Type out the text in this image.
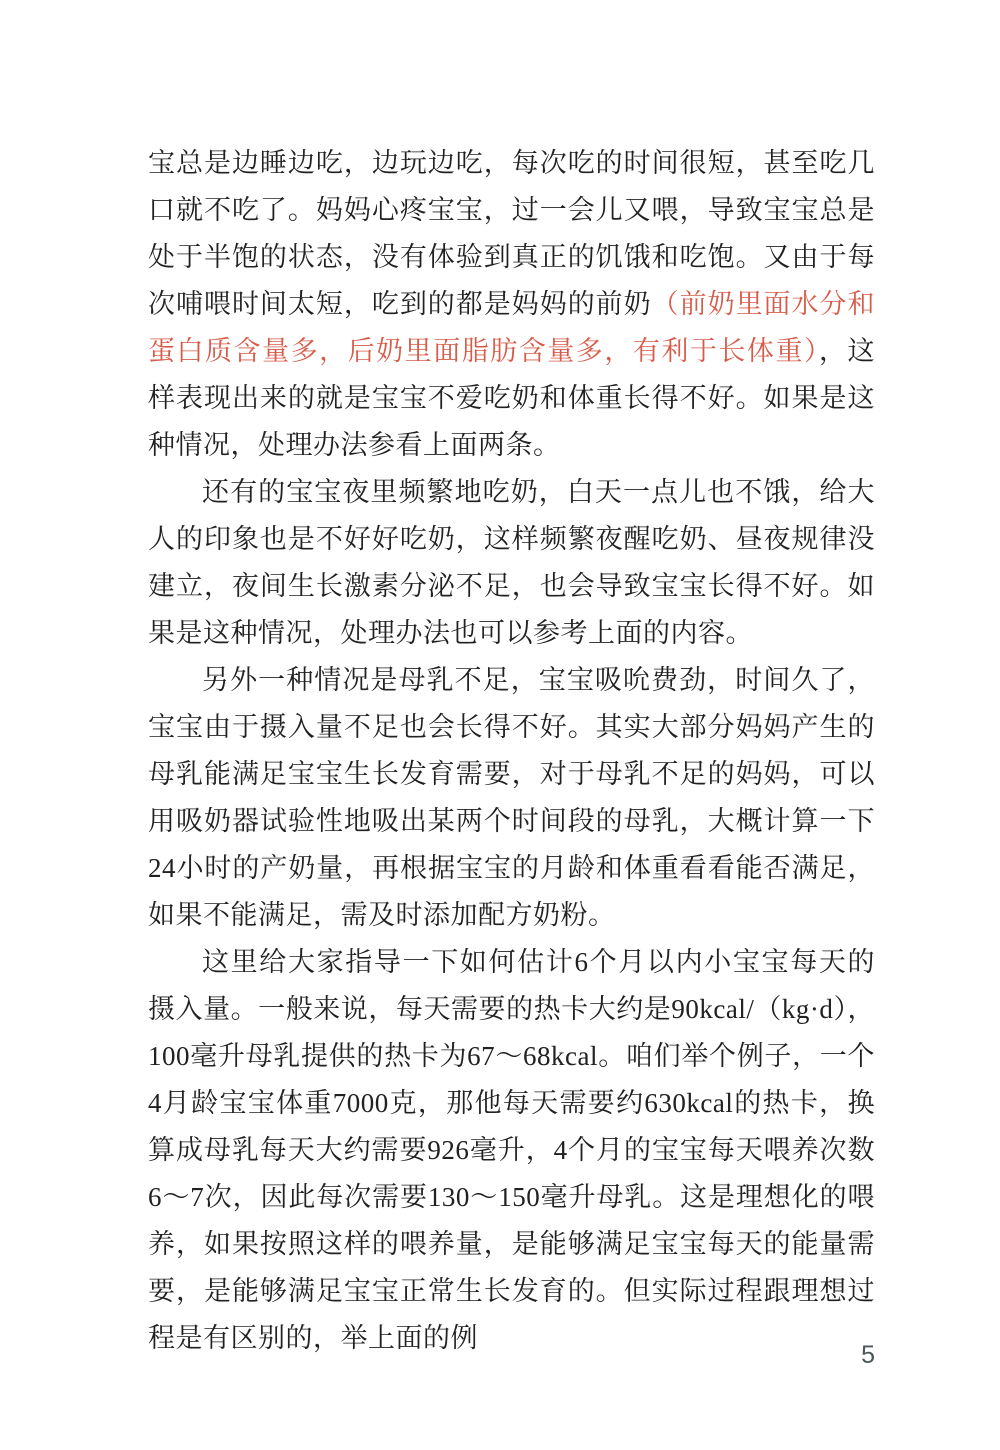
宝总是边睡边吃，边玩边吃，每次吃的时间很短，甚至吃几口就不吃了。妈妈心疼宝宝，过一会儿又喂，导致宝宝总是处于半饱的状态，没有体验到真正的饥饿和吃饱。又由于每次哺喂时间太短，吃到的都是妈妈的前奶（前奶里面水分和蛋白质含量多，后奶里面脂肪含量多，有利于长体重），这样表现出来的就是宝宝不爱吃奶和体重长得不好。如果是这种情况，处理办法参看上面两条。

还有的宝宝夜里频繁地吃奶，白天一点儿也不饿，给大人的印象也是不好好吃奶，这样频繁夜醒吃奶、昼夜规律没建立，夜间生长激素分泌不足，也会导致宝宝长得不好。如果是这种情况，处理办法也可以参考上面的内容。

另外一种情况是母乳不足，宝宝吸吮费劲，时间久了，宝宝由于摄入量不足也会长得不好。其实大部分妈妈产生的母乳能满足宝宝生长发育需要，对于母乳不足的妈妈，可以用吸奶器试验性地吸出某两个时间段的母乳，大概计算一下24小时的产奶量，再根据宝宝的月龄和体重看看能否满足，如果不能满足，需及时添加配方奶粉。

这里给大家指导一下如何估计6个月以内小宝宝每天的摄入量。一般来说，每天需要的热卡大约是90kcal/（kg·d），100毫升母乳提供的热卡为67～68kcal。咱们举个例子，一个4月龄宝宝体重7000克，那他每天需要约630kcal的热卡，换算成母乳每天大约需要926毫升，4个月的宝宝每天喂养次数6～7次，因此每次需要130～150毫升母乳。这是理想化的喂养，如果按照这样的喂养量，是能够满足宝宝每天的能量需要，是能够满足宝宝正常生长发育的。但实际过程跟理想过程是有区别的，举上面的例

5
